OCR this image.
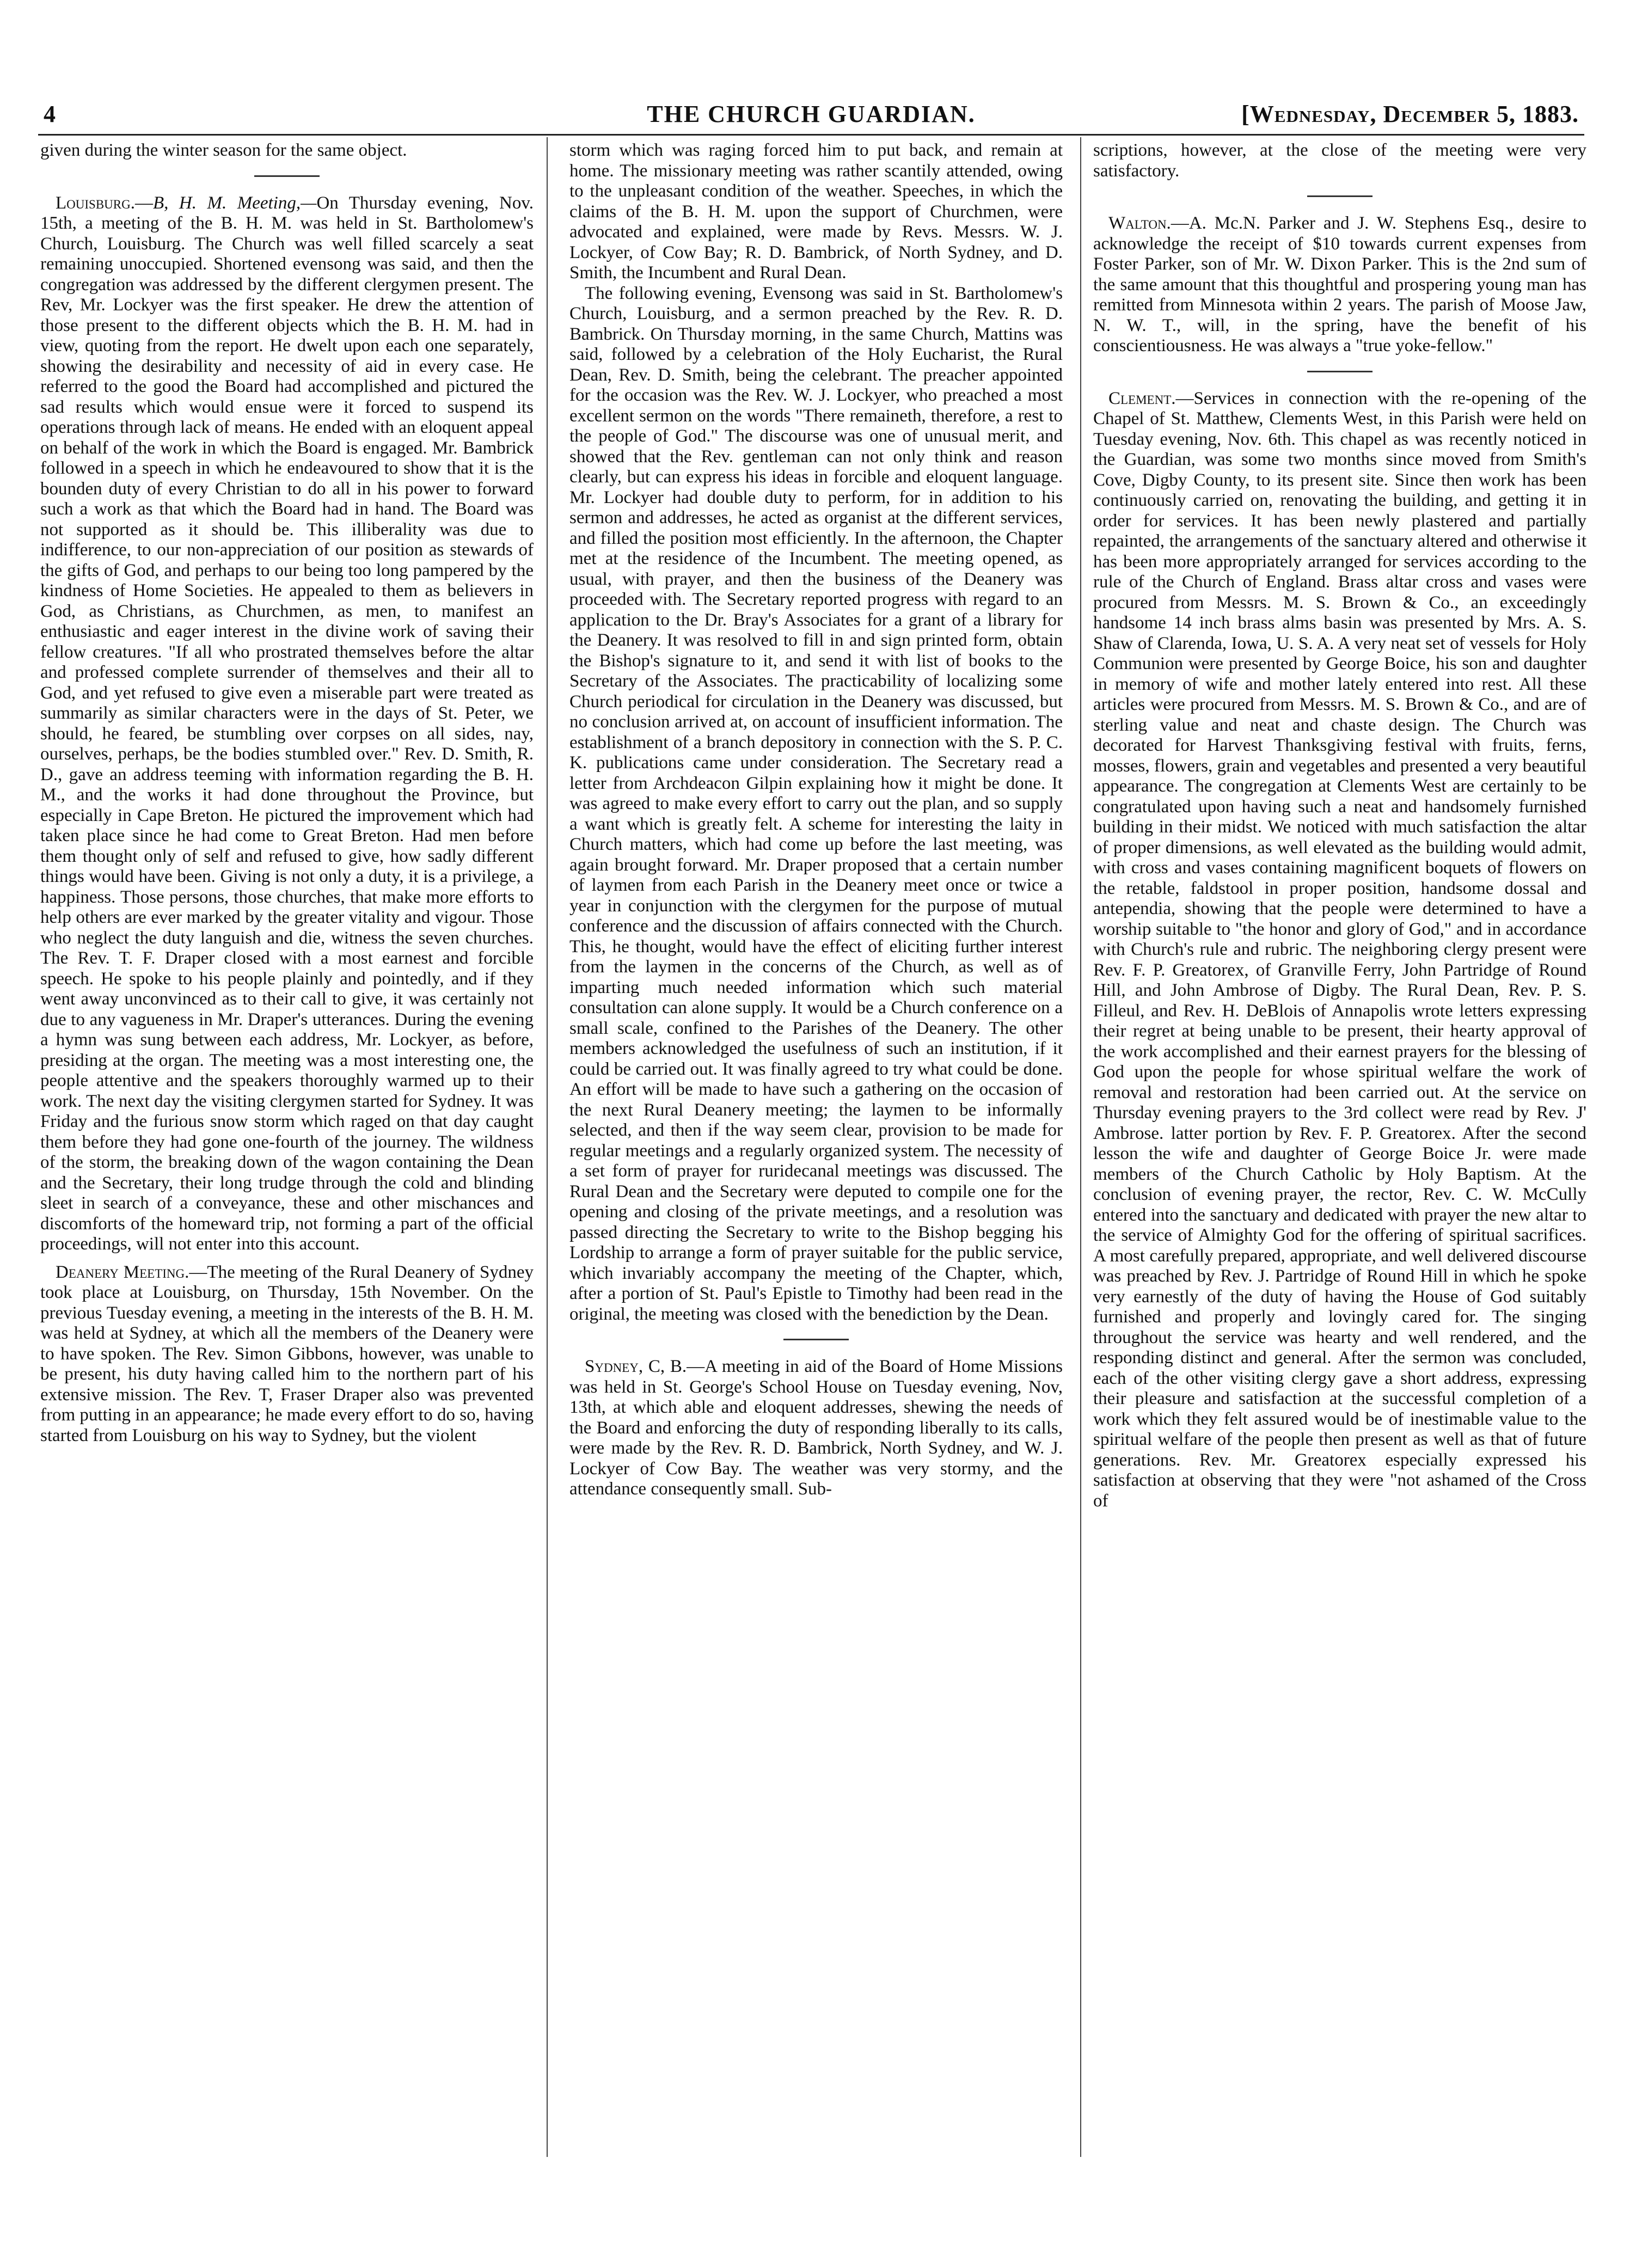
4	THE CHURCH GUARDIAN.	[Wednesday, December 5, 1883.

given during the winter season for the same object.

Louisburg.—B, H. M. Meeting,—On Thursday evening, Nov. 15th, a meeting of the B. H. M. was held in St. Bartholomew's Church, Louisburg. The Church was well filled scarcely a seat remaining unoccupied. Shortened evensong was said, and then the congregation was addressed by the different clergymen present. The Rev, Mr. Lockyer was the first speaker. He drew the attention of those present to the different objects which the B. H. M. had in view, quoting from the report. He dwelt upon each one separately, showing the desirability and necessity of aid in every case. He referred to the good the Board had accomplished and pictured the sad results which would ensue were it forced to suspend its operations through lack of means. He ended with an eloquent appeal on behalf of the work in which the Board is engaged. Mr. Bambrick followed in a speech in which he endeavoured to show that it is the bounden duty of every Christian to do all in his power to forward such a work as that which the Board had in hand. The Board was not supported as it should be. This illiberality was due to indifference, to our non-appreciation of our position as stewards of the gifts of God, and perhaps to our being too long pampered by the kindness of Home Societies. He appealed to them as believers in God, as Christians, as Churchmen, as men, to manifest an enthusiastic and eager interest in the divine work of saving their fellow creatures. "If all who prostrated themselves before the altar and professed complete surrender of themselves and their all to God, and yet refused to give even a miserable part were treated as summarily as similar characters were in the days of St. Peter, we should, he feared, be stumbling over corpses on all sides, nay, ourselves, perhaps, be the bodies stumbled over." Rev. D. Smith, R. D., gave an address teeming with information regarding the B. H. M., and the works it had done throughout the Province, but especially in Cape Breton. He pictured the improvement which had taken place since he had come to Great Breton. Had men before them thought only of self and refused to give, how sadly different things would have been. Giving is not only a duty, it is a privilege, a happiness. Those persons, those churches, that make more efforts to help others are ever marked by the greater vitality and vigour. Those who neglect the duty languish and die, witness the seven churches. The Rev. T. F. Draper closed with a most earnest and forcible speech. He spoke to his people plainly and pointedly, and if they went away unconvinced as to their call to give, it was certainly not due to any vagueness in Mr. Draper's utterances. During the evening a hymn was sung between each address, Mr. Lockyer, as before, presiding at the organ. The meeting was a most interesting one, the people attentive and the speakers thoroughly warmed up to their work. The next day the visiting clergymen started for Sydney. It was Friday and the furious snow storm which raged on that day caught them before they had gone one-fourth of the journey. The wildness of the storm, the breaking down of the wagon containing the Dean and the Secretary, their long trudge through the cold and blinding sleet in search of a conveyance, these and other mischances and discomforts of the homeward trip, not forming a part of the official proceedings, will not enter into this account.

Deanery Meeting.—The meeting of the Rural Deanery of Sydney took place at Louisburg, on Thursday, 15th November. On the previous Tuesday evening, a meeting in the interests of the B. H. M. was held at Sydney, at which all the members of the Deanery were to have spoken. The Rev. Simon Gibbons, however, was unable to be present, his duty having called him to the northern part of his extensive mission. The Rev. T, Fraser Draper also was prevented from putting in an appearance; he made every effort to do so, having started from Louisburg on his way to Sydney, but the violent

storm which was raging forced him to put back, and remain at home. The missionary meeting was rather scantily attended, owing to the unpleasant condition of the weather. Speeches, in which the claims of the B. H. M. upon the support of Churchmen, were advocated and explained, were made by Revs. Messrs. W. J. Lockyer, of Cow Bay; R. D. Bambrick, of North Sydney, and D. Smith, the Incumbent and Rural Dean.

The following evening, Evensong was said in St. Bartholomew's Church, Louisburg, and a sermon preached by the Rev. R. D. Bambrick. On Thursday morning, in the same Church, Mattins was said, followed by a celebration of the Holy Eucharist, the Rural Dean, Rev. D. Smith, being the celebrant. The preacher appointed for the occasion was the Rev. W. J. Lockyer, who preached a most excellent sermon on the words "There remaineth, therefore, a rest to the people of God." The discourse was one of unusual merit, and showed that the Rev. gentleman can not only think and reason clearly, but can express his ideas in forcible and eloquent language. Mr. Lockyer had double duty to perform, for in addition to his sermon and addresses, he acted as organist at the different services, and filled the position most efficiently. In the afternoon, the Chapter met at the residence of the Incumbent. The meeting opened, as usual, with prayer, and then the business of the Deanery was proceeded with. The Secretary reported progress with regard to an application to the Dr. Bray's Associates for a grant of a library for the Deanery. It was resolved to fill in and sign printed form, obtain the Bishop's signature to it, and send it with list of books to the Secretary of the Associates. The practicability of localizing some Church periodical for circulation in the Deanery was discussed, but no conclusion arrived at, on account of insufficient information. The establishment of a branch depository in connection with the S. P. C. K. publications came under consideration. The Secretary read a letter from Archdeacon Gilpin explaining how it might be done. It was agreed to make every effort to carry out the plan, and so supply a want which is greatly felt. A scheme for interesting the laity in Church matters, which had come up before the last meeting, was again brought forward. Mr. Draper proposed that a certain number of laymen from each Parish in the Deanery meet once or twice a year in conjunction with the clergymen for the purpose of mutual conference and the discussion of affairs connected with the Church. This, he thought, would have the effect of eliciting further interest from the laymen in the concerns of the Church, as well as of imparting much needed information which such material consultation can alone supply. It would be a Church conference on a small scale, confined to the Parishes of the Deanery. The other members acknowledged the usefulness of such an institution, if it could be carried out. It was finally agreed to try what could be done. An effort will be made to have such a gathering on the occasion of the next Rural Deanery meeting; the laymen to be informally selected, and then if the way seem clear, provision to be made for regular meetings and a regularly organized system. The necessity of a set form of prayer for ruridecanal meetings was discussed. The Rural Dean and the Secretary were deputed to compile one for the opening and closing of the private meetings, and a resolution was passed directing the Secretary to write to the Bishop begging his Lordship to arrange a form of prayer suitable for the public service, which invariably accompany the meeting of the Chapter, which, after a portion of St. Paul's Epistle to Timothy had been read in the original, the meeting was closed with the benediction by the Dean.

Sydney, C, B.—A meeting in aid of the Board of Home Missions was held in St. George's School House on Tuesday evening, Nov, 13th, at which able and eloquent addresses, shewing the needs of the Board and enforcing the duty of responding liberally to its calls, were made by the Rev. R. D. Bambrick, North Sydney, and W. J. Lockyer of Cow Bay. The weather was very stormy, and the attendance consequently small. Sub-

scriptions, however, at the close of the meeting were very satisfactory.

Walton.—A. Mc.N. Parker and J. W. Stephens Esq., desire to acknowledge the receipt of $10 towards current expenses from Foster Parker, son of Mr. W. Dixon Parker. This is the 2nd sum of the same amount that this thoughtful and prospering young man has remitted from Minnesota within 2 years. The parish of Moose Jaw, N. W. T., will, in the spring, have the benefit of his conscientiousness. He was always a "true yoke-fellow."

Clement.—Services in connection with the re-opening of the Chapel of St. Matthew, Clements West, in this Parish were held on Tuesday evening, Nov. 6th. This chapel as was recently noticed in the Guardian, was some two months since moved from Smith's Cove, Digby County, to its present site. Since then work has been continuously carried on, renovating the building, and getting it in order for services. It has been newly plastered and partially repainted, the arrangements of the sanctuary altered and otherwise it has been more appropriately arranged for services according to the rule of the Church of England. Brass altar cross and vases were procured from Messrs. M. S. Brown & Co., an exceedingly handsome 14 inch brass alms basin was presented by Mrs. A. S. Shaw of Clarenda, Iowa, U. S. A. A very neat set of vessels for Holy Communion were presented by George Boice, his son and daughter in memory of wife and mother lately entered into rest. All these articles were procured from Messrs. M. S. Brown & Co., and are of sterling value and neat and chaste design. The Church was decorated for Harvest Thanksgiving festival with fruits, ferns, mosses, flowers, grain and vegetables and presented a very beautiful appearance. The congregation at Clements West are certainly to be congratulated upon having such a neat and handsomely furnished building in their midst. We noticed with much satisfaction the altar of proper dimensions, as well elevated as the building would admit, with cross and vases containing magnificent boquets of flowers on the retable, faldstool in proper position, handsome dossal and antependia, showing that the people were determined to have a worship suitable to "the honor and glory of God," and in accordance with Church's rule and rubric. The neighboring clergy present were Rev. F. P. Greatorex, of Granville Ferry, John Partridge of Round Hill, and John Ambrose of Digby. The Rural Dean, Rev. P. S. Filleul, and Rev. H. DeBlois of Annapolis wrote letters expressing their regret at being unable to be present, their hearty approval of the work accomplished and their earnest prayers for the blessing of God upon the people for whose spiritual welfare the work of removal and restoration had been carried out. At the service on Thursday evening prayers to the 3rd collect were read by Rev. J' Ambrose. latter portion by Rev. F. P. Greatorex. After the second lesson the wife and daughter of George Boice Jr. were made members of the Church Catholic by Holy Baptism. At the conclusion of evening prayer, the rector, Rev. C. W. McCully entered into the sanctuary and dedicated with prayer the new altar to the service of Almighty God for the offering of spiritual sacrifices. A most carefully prepared, appropriate, and well delivered discourse was preached by Rev. J. Partridge of Round Hill in which he spoke very earnestly of the duty of having the House of God suitably furnished and properly and lovingly cared for. The singing throughout the service was hearty and well rendered, and the responding distinct and general. After the sermon was concluded, each of the other visiting clergy gave a short address, expressing their pleasure and satisfaction at the successful completion of a work which they felt assured would be of inestimable value to the spiritual welfare of the people then present as well as that of future generations. Rev. Mr. Greatorex especially expressed his satisfaction at observing that they were "not ashamed of the Cross of
